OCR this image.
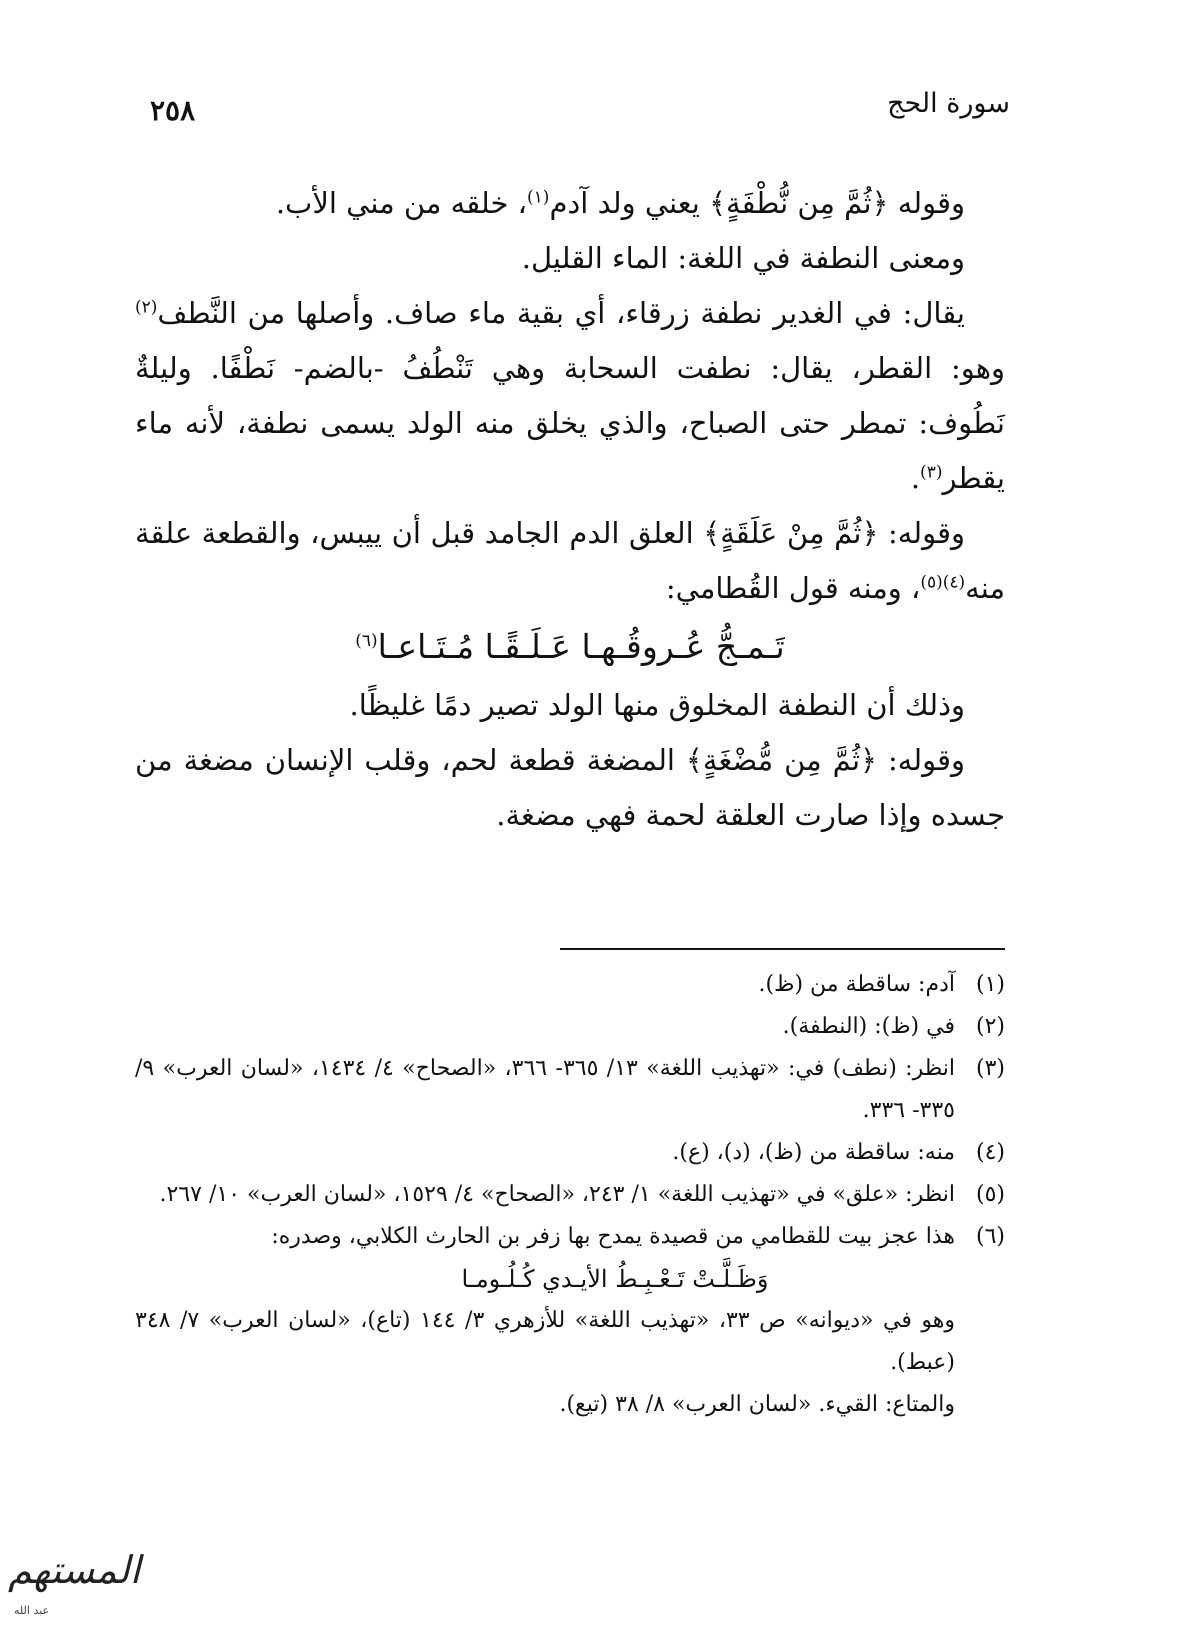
سورة الحج
٢٥٨

وقوله ﴿ثُمَّ مِن نُّطْفَةٍ﴾ يعني ولد آدم$^{(١)}$، خلقه من مني الأب.

ومعنى النطفة في اللغة: الماء القليل.

يقال: في الغدير نطفة زرقاء، أي بقية ماء صاف. وأصلها من النَّطف$^{(٢)}$ وهو: القطر، يقال: نطفت السحابة وهي تَنْطُفُ -بالضم- نَطْفًا. وليلةٌ نَطُوف: تمطر حتى الصباح، والذي يخلق منه الولد يسمى نطفة، لأنه ماء يقطر$^{(٣)}$.

وقوله: ﴿ثُمَّ مِنْ عَلَقَةٍ﴾ العلق الدم الجامد قبل أن ييبس، والقطعة علقة منه$^{(٤)(٥)}$، ومنه قول القُطامي:

تَـمـجُّ عُـروقُـهـا عَـلَـقًـا مُـتَـاعـا$^{(٦)}$

وذلك أن النطفة المخلوق منها الولد تصير دمًا غليظًا.

وقوله: ﴿ثُمَّ مِن مُّضْغَةٍ﴾ المضغة قطعة لحم، وقلب الإنسان مضغة من جسده وإذا صارت العلقة لحمة فهي مضغة.

(١)
آدم: ساقطة من (ظ).
(٢)
في (ظ): (النطفة).
(٣)
انظر: (نطف) في: «تهذيب اللغة» ١٣/ ٣٦٥- ٣٦٦، «الصحاح» ٤/ ١٤٣٤، «لسان العرب» ٩/ ٣٣٥- ٣٣٦.
(٤)
منه: ساقطة من (ظ)، (د)، (ع).
(٥)
انظر: «علق» في «تهذيب اللغة» ١/ ٢٤٣، «الصحاح» ٤/ ١٥٢٩، «لسان العرب» ١٠/ ٢٦٧.
(٦)
هذا عجز بيت للقطامي من قصيدة يمدح بها زفر بن الحارث الكلابي، وصدره:
وَظَـلَّـتْ تَـعْـبِـطُ الأيـدي كُـلُـومـا

وهو في «ديوانه» ص ٣٣، «تهذيب اللغة» للأزهري ٣/ ١٤٤ (تاع)، «لسان العرب» ٧/ ٣٤٨ (عبط).

والمتاع: القيء. «لسان العرب» ٨/ ٣٨ (تيع).

المستهم
عبد الله
